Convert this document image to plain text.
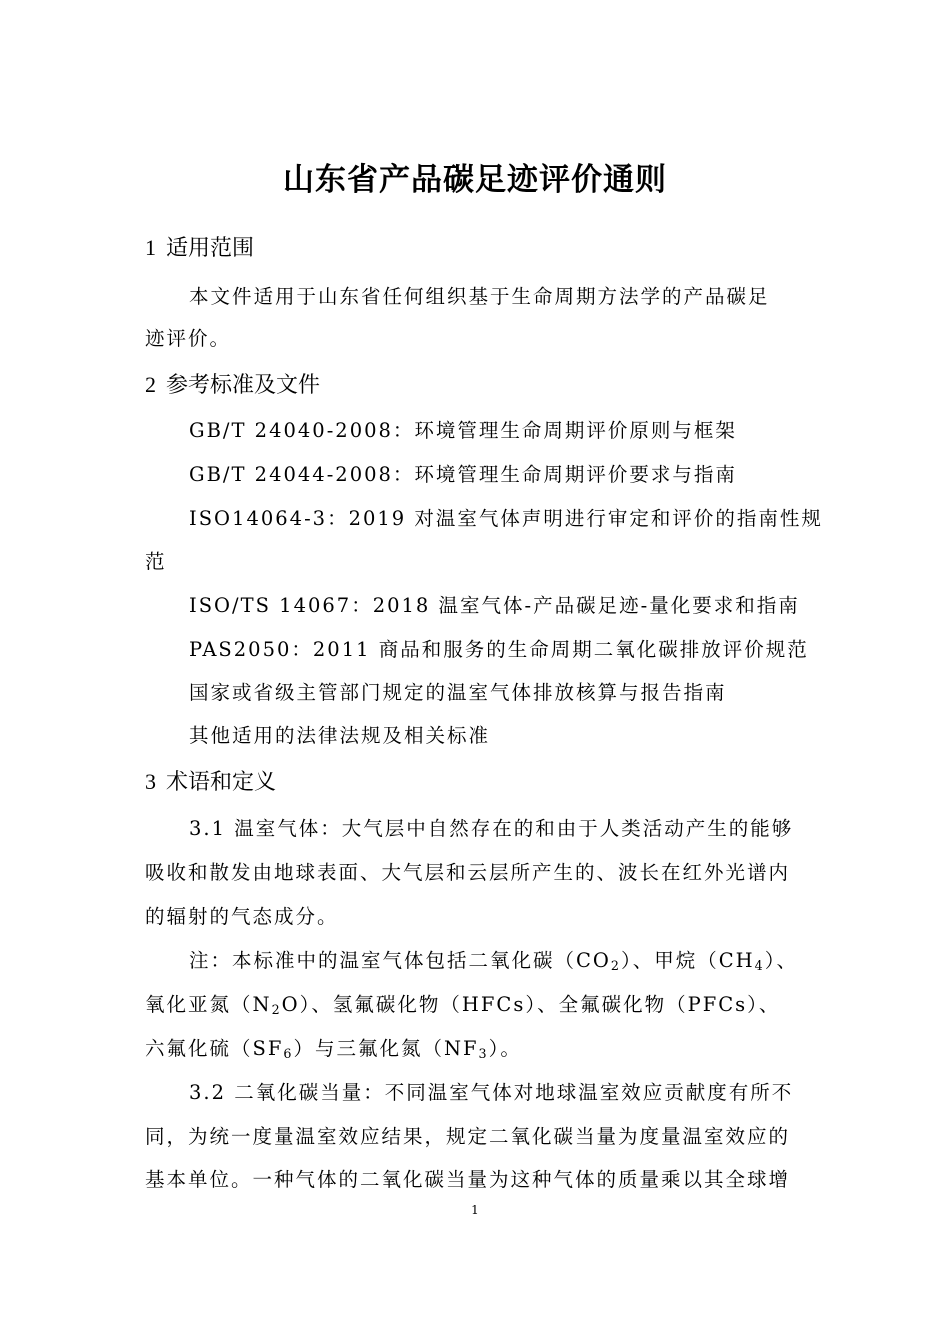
山东省产品碳足迹评价通则
1 适用范围
本文件适用于山东省任何组织基于生命周期方法学的产品碳足
迹评价。
2 参考标准及文件
GB/T 24040-2008：环境管理生命周期评价原则与框架
GB/T 24044-2008：环境管理生命周期评价要求与指南
ISO14064-3：2019 对温室气体声明进行审定和评价的指南性规
范
ISO/TS 14067：2018 温室气体-产品碳足迹-量化要求和指南
PAS2050：2011 商品和服务的生命周期二氧化碳排放评价规范
国家或省级主管部门规定的温室气体排放核算与报告指南
其他适用的法律法规及相关标准
3 术语和定义
3.1 温室气体：大气层中自然存在的和由于人类活动产生的能够
吸收和散发由地球表面、大气层和云层所产生的、波长在红外光谱内
的辐射的气态成分。
注：本标准中的温室气体包括二氧化碳$(CO_2)$、甲烷$(CH_4)$、
氧化亚氮$(N_2O)$、氢氟碳化物（HFCs）、全氟碳化物（PFCs）、
六氟化硫$(SF_6)$与三氟化氮$(NF_3)$。
3.2 二氧化碳当量：不同温室气体对地球温室效应贡献度有所不
同，为统一度量温室效应结果，规定二氧化碳当量为度量温室效应的
基本单位。一种气体的二氧化碳当量为这种气体的质量乘以其全球增
1
